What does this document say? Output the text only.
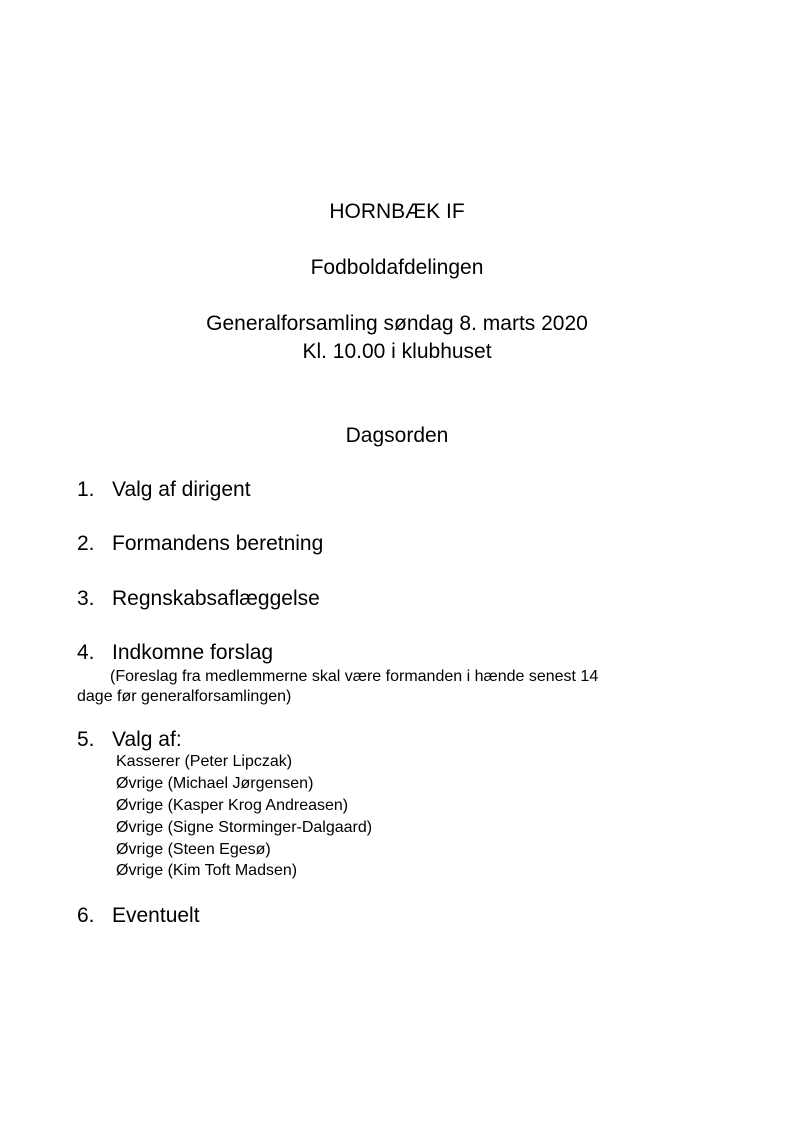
HORNBÆK IF
Fodboldafdelingen
Generalforsamling søndag 8. marts 2020
Kl. 10.00 i klubhuset
Dagsorden
1. Valg af dirigent
2. Formandens beretning
3. Regnskabsaflæggelse
4. Indkomne forslag
(Foreslag fra medlemmerne skal være formanden i hænde senest 14
dage før generalforsamlingen)
5. Valg af:
Kasserer (Peter Lipczak)
Øvrige (Michael Jørgensen)
Øvrige (Kasper Krog Andreasen)
Øvrige (Signe Storminger-Dalgaard)
Øvrige (Steen Egesø)
Øvrige (Kim Toft Madsen)
6. Eventuelt
